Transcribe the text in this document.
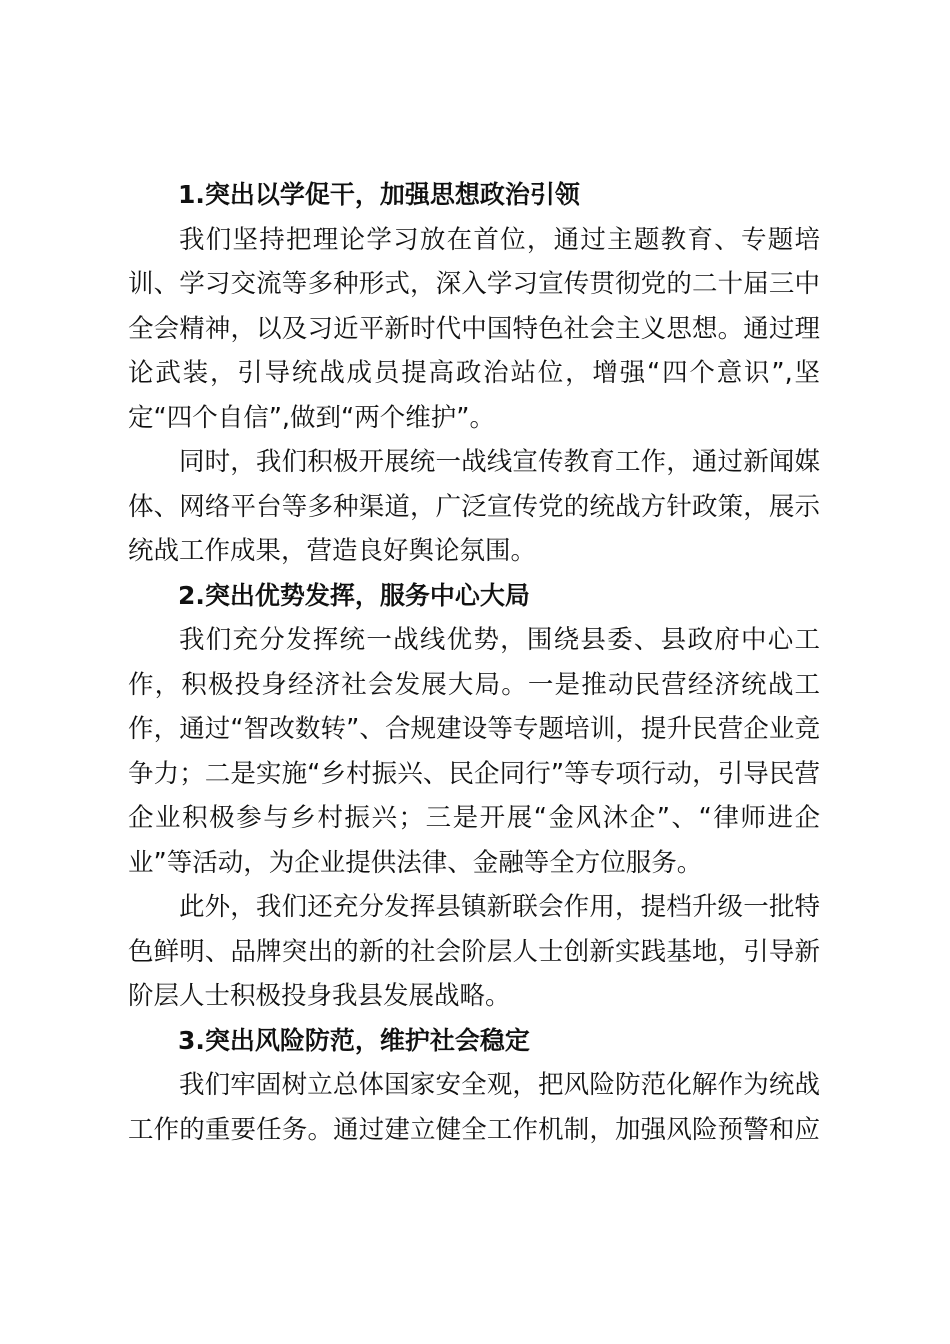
1.突出以学促干，加强思想政治引领

我们坚持把理论学习放在首位，通过主题教育、专题培
训、学习交流等多种形式，深入学习宣传贯彻党的二十届三中
全会精神，以及习近平新时代中国特色社会主义思想。通过理
论武装，引导统战成员提高政治站位，增强“四个意识”,坚
定“四个自信”,做到“两个维护”。

同时，我们积极开展统一战线宣传教育工作，通过新闻媒
体、网络平台等多种渠道，广泛宣传党的统战方针政策，展示
统战工作成果，营造良好舆论氛围。

2.突出优势发挥，服务中心大局

我们充分发挥统一战线优势，围绕县委、县政府中心工
作，积极投身经济社会发展大局。一是推动民营经济统战工
作，通过“智改数转”、合规建设等专题培训，提升民营企业竞
争力；二是实施“乡村振兴、民企同行”等专项行动，引导民营
企业积极参与乡村振兴；三是开展“金风沐企”、“律师进企
业”等活动，为企业提供法律、金融等全方位服务。

此外，我们还充分发挥县镇新联会作用，提档升级一批特
色鲜明、品牌突出的新的社会阶层人士创新实践基地，引导新
阶层人士积极投身我县发展战略。

3.突出风险防范，维护社会稳定

我们牢固树立总体国家安全观，把风险防范化解作为统战
工作的重要任务。通过建立健全工作机制，加强风险预警和应
